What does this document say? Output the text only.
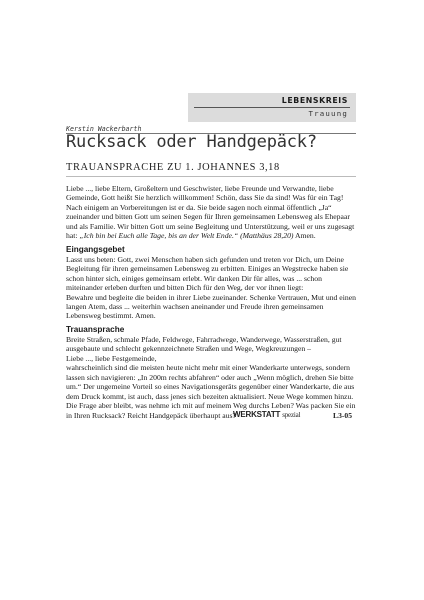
LEBENSKREIS
Trauung
Kerstin Wackerbarth
Rucksack oder Handgepäck?
TRAUANSPRACHE ZU 1. JOHANNES 3,18

Liebe ..., liebe Eltern, Großeltern und Geschwister, liebe Freunde und Verwandte, liebe Gemeinde, Gott heißt Sie herzlich willkommen! Schön, dass Sie da sind! Was für ein Tag! Nach einigem an Vorbereitungen ist er da. Sie beide sagen noch einmal öffentlich „Ja“ zueinander und bitten Gott um seinen Segen für Ihren gemeinsamen Lebensweg als Ehepaar und als Familie. Wir bitten Gott um seine Begleitung und Unterstützung, weil er uns zugesagt hat: „Ich bin bei Euch alle Tage, bis an der Welt Ende.“ (Matthäus 28,20) Amen.

Eingangsgebet

Lasst uns beten: Gott, zwei Menschen haben sich gefunden und treten vor Dich, um Deine Begleitung für ihren gemeinsamen Lebensweg zu erbitten. Einiges an Wegstrecke haben sie schon hinter sich, einiges gemeinsam erlebt. Wir danken Dir für alles, was ... schon miteinander erleben durften und bitten Dich für den Weg, der vor ihnen liegt:

Bewahre und begleite die beiden in ihrer Liebe zueinander. Schenke Vertrauen, Mut und einen langen Atem, dass ... weiterhin wachsen aneinander und Freude ihren gemeinsamen Lebensweg bestimmt. Amen.

Trauansprache

Breite Straßen, schmale Pfade, Feldwege, Fahrradwege, Wanderwege, Wasserstraßen, gut ausgebaute und schlecht gekennzeichnete Straßen und Wege, Wegkreuzungen –

Liebe ..., liebe Festgemeinde,

wahrscheinlich sind die meisten heute nicht mehr mit einer Wanderkarte unterwegs, sondern lassen sich navigieren: „In 200m rechts abfahren“ oder auch „Wenn möglich, drehen Sie bitte um.“ Der ungemeine Vorteil so eines Navigationsgeräts gegenüber einer Wanderkarte, die aus dem Druck kommt, ist auch, dass jenes sich bezeiten aktualisiert. Neue Wege kommen hinzu. Die Frage aber bleibt, was nehme ich mit auf meinem Weg durchs Leben? Was packen Sie ein in Ihren Rucksack? Reicht Handgepäck überhaupt aus?

WERKSTATT spezial	L3-05
